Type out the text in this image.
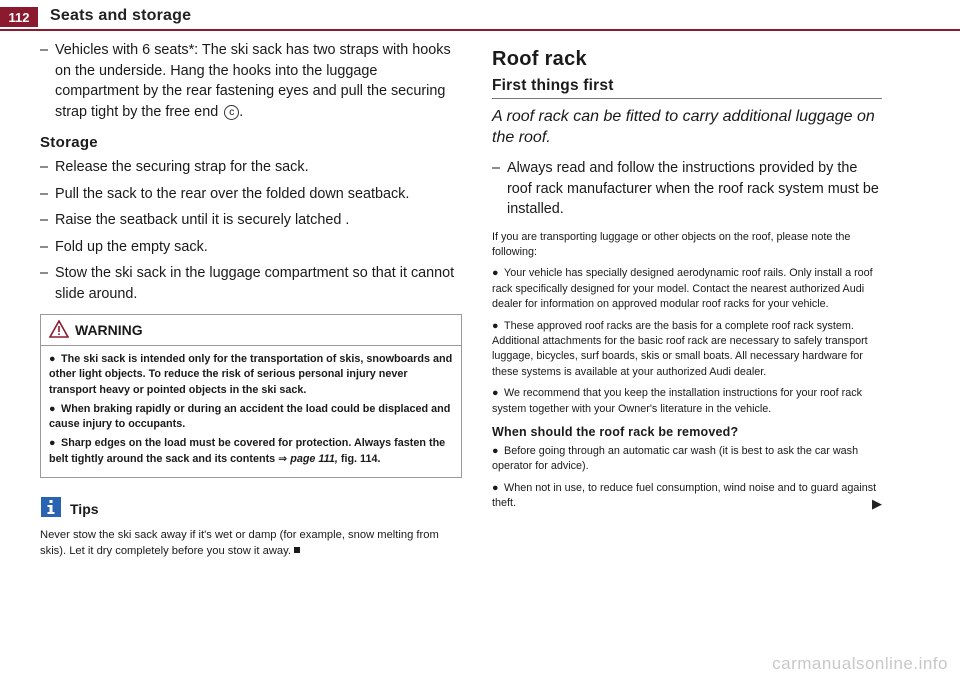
112 Seats and storage
– Vehicles with 6 seats*: The ski sack has two straps with hooks on the underside. Hang the hooks into the luggage compartment by the rear fastening eyes and pull the securing strap tight by the free end c .
Storage
– Release the securing strap for the sack.
– Pull the sack to the rear over the folded down seatback.
– Raise the seatback until it is securely latched .
– Fold up the empty sack.
– Stow the ski sack in the luggage compartment so that it cannot slide around.
WARNING
● The ski sack is intended only for the transportation of skis, snowboards and other light objects. To reduce the risk of serious personal injury never transport heavy or pointed objects in the ski sack.
● When braking rapidly or during an accident the load could be displaced and cause injury to occupants.
● Sharp edges on the load must be covered for protection. Always fasten the belt tightly around the sack and its contents ⇒ page 111, fig. 114.
Tips
Never stow the ski sack away if it's wet or damp (for example, snow melting from skis). Let it dry completely before you stow it away.
Roof rack
First things first
A roof rack can be fitted to carry additional luggage on the roof.
– Always read and follow the instructions provided by the roof rack manufacturer when the roof rack system must be installed.
If you are transporting luggage or other objects on the roof, please note the following:
● Your vehicle has specially designed aerodynamic roof rails. Only install a roof rack specifically designed for your model. Contact the nearest authorized Audi dealer for information on approved modular roof racks for your vehicle.
● These approved roof racks are the basis for a complete roof rack system. Additional attachments for the basic roof rack are necessary to safely transport luggage, bicycles, surf boards, skis or small boats. All necessary hardware for these systems is available at your authorized Audi dealer.
● We recommend that you keep the installation instructions for your roof rack system together with your Owner's literature in the vehicle.
When should the roof rack be removed?
● Before going through an automatic car wash (it is best to ask the car wash operator for advice).
● When not in use, to reduce fuel consumption, wind noise and to guard against theft.	▶
carmanualsonline.info
